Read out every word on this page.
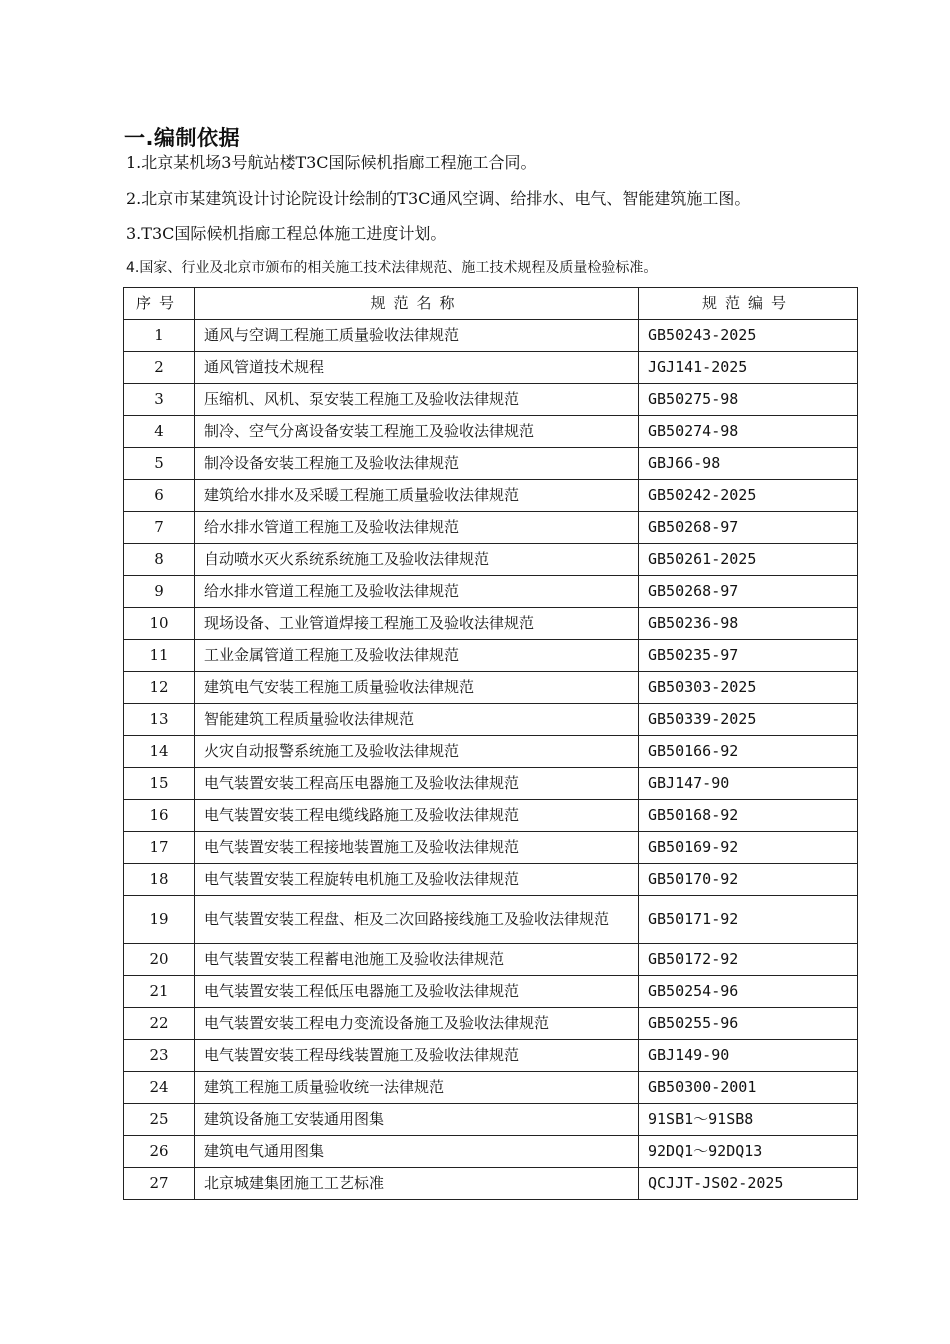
一.编制依据

1.北京某机场3号航站楼T3C国际候机指廊工程施工合同。

2.北京市某建筑设计讨论院设计绘制的T3C通风空调、给排水、电气、智能建筑施工图。

3.T3C国际候机指廊工程总体施工进度计划。

4.国家、行业及北京市颁布的相关施工技术法律规范、施工技术规程及质量检验标准。

序号	规范名称	规范编号
1	通风与空调工程施工质量验收法律规范	GB50243-2025
2	通风管道技术规程	JGJ141-2025
3	压缩机、风机、泵安装工程施工及验收法律规范	GB50275-98
4	制冷、空气分离设备安装工程施工及验收法律规范	GB50274-98
5	制冷设备安装工程施工及验收法律规范	GBJ66-98
6	建筑给水排水及采暖工程施工质量验收法律规范	GB50242-2025
7	给水排水管道工程施工及验收法律规范	GB50268-97
8	自动喷水灭火系统系统施工及验收法律规范	GB50261-2025
9	给水排水管道工程施工及验收法律规范	GB50268-97
10	现场设备、工业管道焊接工程施工及验收法律规范	GB50236-98
11	工业金属管道工程施工及验收法律规范	GB50235-97
12	建筑电气安装工程施工质量验收法律规范	GB50303-2025
13	智能建筑工程质量验收法律规范	GB50339-2025
14	火灾自动报警系统施工及验收法律规范	GB50166-92
15	电气装置安装工程高压电器施工及验收法律规范	GBJ147-90
16	电气装置安装工程电缆线路施工及验收法律规范	GB50168-92
17	电气装置安装工程接地装置施工及验收法律规范	GB50169-92
18	电气装置安装工程旋转电机施工及验收法律规范	GB50170-92
19	电气装置安装工程盘、柜及二次回路接线施工及验收法律规范	GB50171-92
20	电气装置安装工程蓄电池施工及验收法律规范	GB50172-92
21	电气装置安装工程低压电器施工及验收法律规范	GB50254-96
22	电气装置安装工程电力变流设备施工及验收法律规范	GB50255-96
23	电气装置安装工程母线装置施工及验收法律规范	GBJ149-90
24	建筑工程施工质量验收统一法律规范	GB50300-2001
25	建筑设备施工安装通用图集	91SB1～91SB8
26	建筑电气通用图集	92DQ1～92DQ13
27	北京城建集团施工工艺标准	QCJJT-JS02-2025
